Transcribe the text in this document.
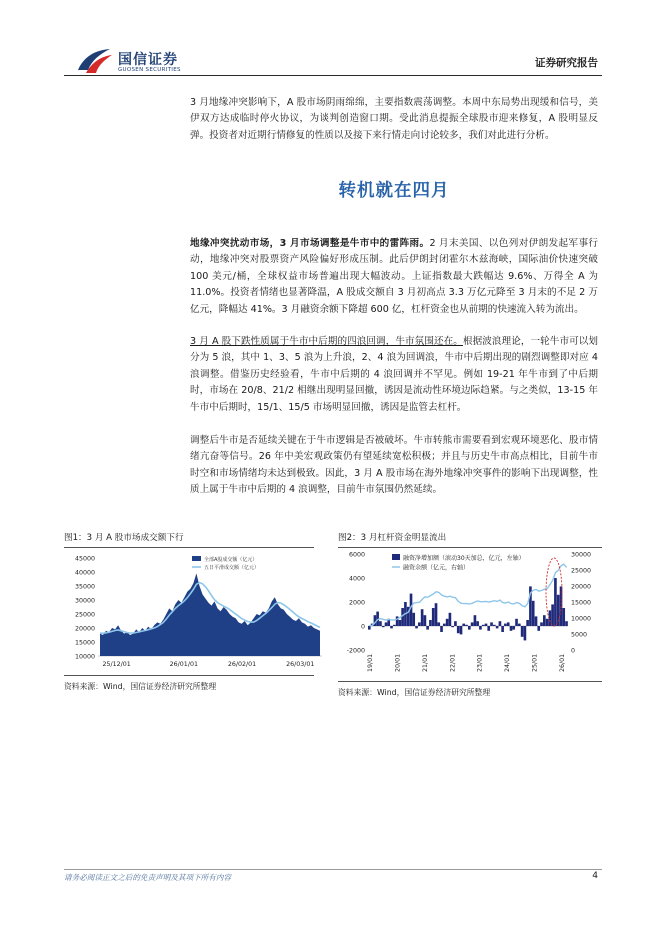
国信证券
GUOSEN SECURITIES
证券研究报告

3 月地缘冲突影响下，A 股市场阴雨绵绵，主要指数震荡调整。本周中东局势出现缓和信号，美伊双方达成临时停火协议，为谈判创造窗口期。受此消息提振全球股市迎来修复，A 股明显反弹。投资者对近期行情修复的性质以及接下来行情走向讨论较多，我们对此进行分析。

转机就在四月

地缘冲突扰动市场，3 月市场调整是牛市中的雷阵雨。2 月末美国、以色列对伊朗发起军事行动，地缘冲突对股票资产风险偏好形成压制。此后伊朗封闭霍尔木兹海峡，国际油价快速突破 100 美元/桶，全球权益市场普遍出现大幅波动。上证指数最大跌幅达 9.6%、万得全 A 为 11.0%。投资者情绪也显著降温，A 股成交额自 3 月初高点 3.3 万亿元降至 3 月末的不足 2 万亿元，降幅达 41%。3 月融资余额下降超 600 亿，杠杆资金也从前期的快速流入转为流出。

3 月 A 股下跌性质属于牛市中后期的四浪回调，牛市氛围还在。根据波浪理论，一轮牛市可以划分为 5 浪，其中 1、3、5 浪为上升浪，2、4 浪为回调浪，牛市中后期出现的剧烈调整即对应 4 浪调整。借鉴历史经验看，牛市中后期的 4 浪回调并不罕见。例如 19-21 年牛市到了中后期时，市场在 20/8、21/2 相继出现明显回撤，诱因是流动性环境边际趋紧。与之类似，13-15 年牛市中后期时，15/1、15/5 市场明显回撤，诱因是监管去杠杆。

调整后牛市是否延续关键在于牛市逻辑是否被破坏。牛市转熊市需要看到宏观环境恶化、股市情绪亢奋等信号。26 年中美宏观政策仍有望延续宽松积极；并且与历史牛市高点相比，目前牛市时空和市场情绪均未达到极致。因此，3 月 A 股市场在海外地缘冲突事件的影响下出现调整，性质上属于牛市中后期的 4 浪调整，目前牛市氛围仍然延续。

图1：3 月 A 股市场成交额下行
10000
15000
20000
25000
30000
35000
40000
45000
25/12/01	26/01/01	26/02/01	26/03/01
全部A股成交额（亿元）
五日平滑成交额（亿元）
资料来源：Wind，国信证券经济研究所整理
图2：3 月杠杆资金明显流出
-2000
0
2000
4000
6000
0
5000
10000
15000
20000
25000
30000
19/01	20/01	21/01	22/01	23/01	24/01	25/01	26/01
融资净增加额（滚动30天加总，亿元，左轴）
融资余额（亿元，右轴）
资料来源：Wind，国信证券经济研究所整理
请务必阅读正文之后的免责声明及其项下所有内容	4
